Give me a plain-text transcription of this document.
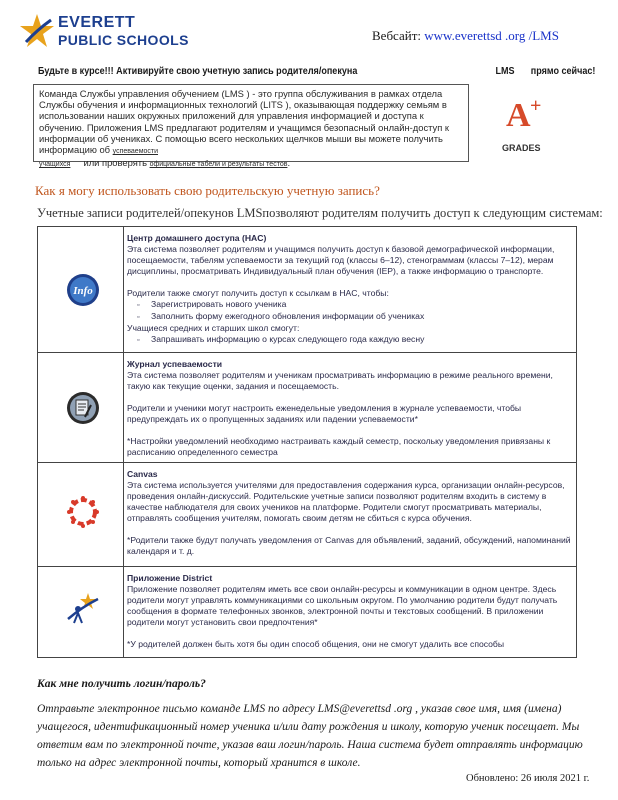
EVERETT
PUBLIC SCHOOLS	Вебсайт: www.everettsd .org /LMS
Будьте в курсе!!! Активируйте свою учетную запись родителя/опекуна	LMS прямо сейчас!
Команда Службы управления обучением (LMS ) - это группа обслуживания в рамках отдела Службы обучения и информационных технологий (LITS ), оказывающая поддержку семьям в использовании наших окружных приложений для управления информацией и доступа к обучению. Приложения LMS предлагают родителям и учащимся безопасный онлайн-доступ к информации об учениках. С помощью всего нескольких щелчков мыши вы можете получить информацию об успеваемости
учащихся или проверять официальные табели и результаты тестов.
A +
GRADES
Как я могу использовать свою родительскую учетную запись?
Учетные записи родителей/опекунов LMSпозволяют родителям получить доступ к следующим системам:
Info

Центр домашнего доступа (HAC)

Эта система позволяет родителям и учащимся получить доступ к базовой демографической информации, посещаемости, табелям успеваемости за текущий год (классы 6–12), стенограммам (классы 7–12), мерам дисциплины, просматривать Индивидуальный план обучения (IEP), а также информацию о транспорте.

Родители также смогут получить доступ к ссылкам в HAC, чтобы:

▫ Зарегистрировать нового ученика

▫ Заполнить форму ежегодного обновления информации об учениках

Учащиеся средних и старших школ смогут:

▫ Запрашивать информацию о курсах следующего года каждую весну

Журнал успеваемости

Эта система позволяет родителям и ученикам просматривать информацию в режиме реального времени, такую как текущие оценки, задания и посещаемость.

Родители и ученики могут настроить еженедельные уведомления в журнале успеваемости, чтобы предупреждать их о пропущенных заданиях или падении успеваемости*

*Настройки уведомлений необходимо настраивать каждый семестр, поскольку уведомления привязаны к расписанию определенного семестра

Canvas

Эта система используется учителями для предоставления содержания курса, организации онлайн-ресурсов, проведения онлайн-дискуссий. Родительские учетные записи позволяют родителям входить в систему в качестве наблюдателя для своих учеников на платформе. Родители смогут просматривать материалы, отправлять сообщения учителям, помогать своим детям не сбиться с курса обучения.

*Родители также будут получать уведомления от Canvas для объявлений, заданий, обсуждений, напоминаний календаря и т. д.

Приложение District

Приложение позволяет родителям иметь все свои онлайн-ресурсы и коммуникации в одном центре. Здесь родители могут управлять коммуникациями со школьным округом. По умолчанию родители будут получать сообщения в формате телефонных звонков, электронной почты и текстовых сообщений. В приложении родители могут установить свои предпочтения*

*У родителей должен быть хотя бы один способ общения, они не смогут удалить все способы

Как мне получить логин/пароль?
Отправьте электронное письмо команде LMS по адресу LMS@everettsd .org , указав свое имя, имя (имена) учащегося, идентификационный номер ученика и/или дату рождения и школу, которую ученик посещает. Мы ответим вам по электронной почте, указав ваш логин/пароль. Наша система будет отправлять информацию только на адрес электронной почты, который хранится в школе.
Обновлено: 26 июля 2021 г.
